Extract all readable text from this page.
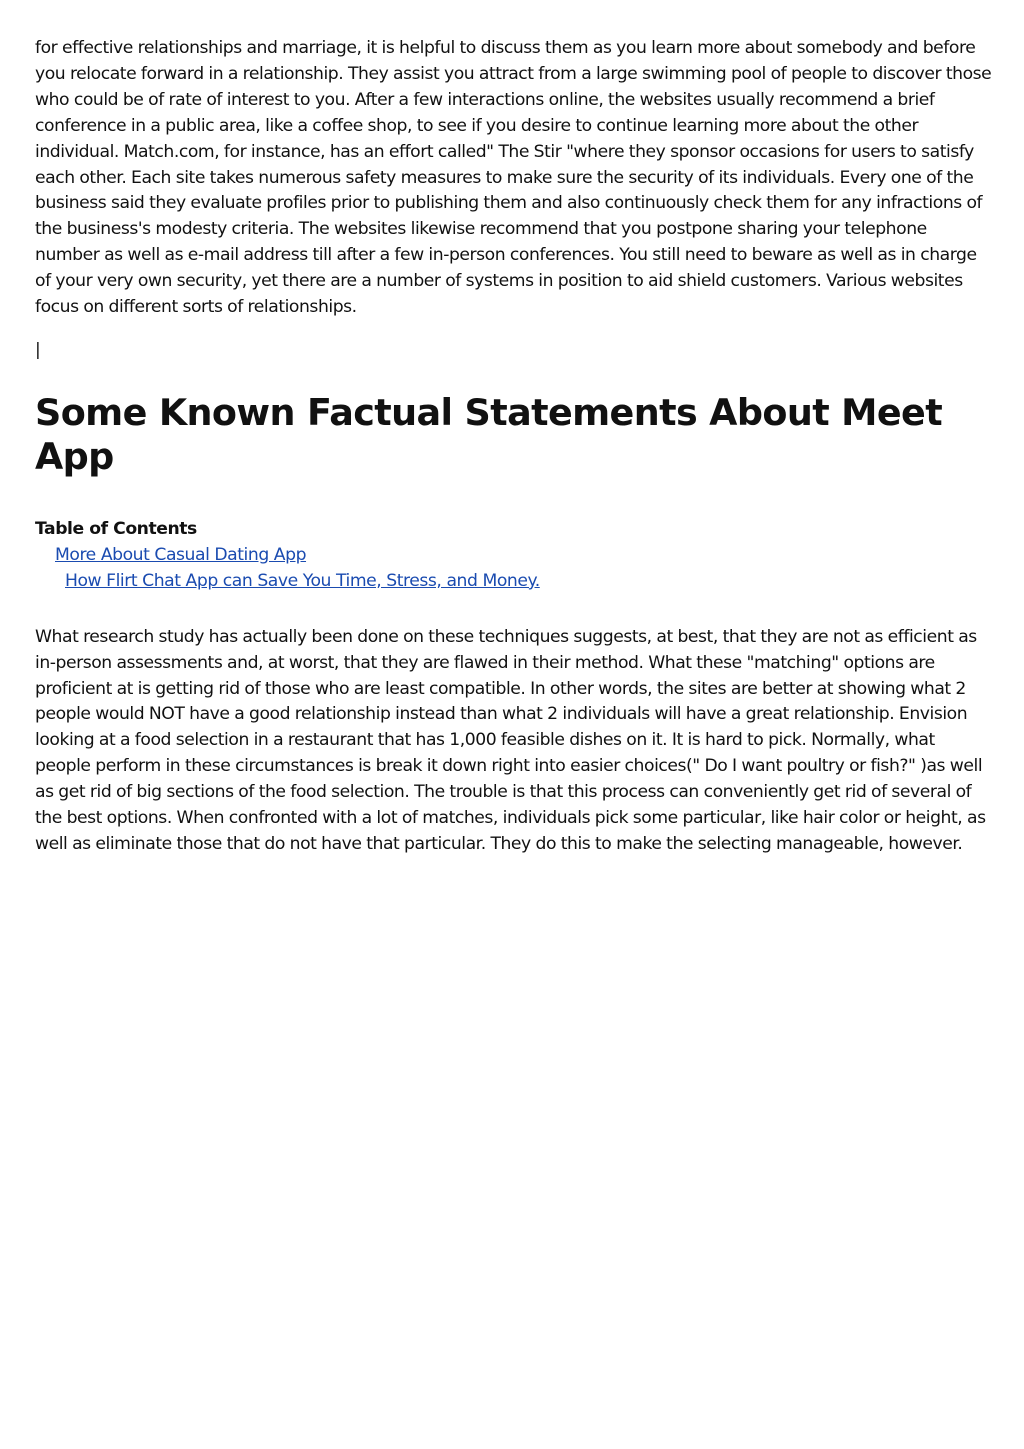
for effective relationships and marriage, it is helpful to discuss them as you learn more about somebody and before you relocate forward in a relationship. They assist you attract from a large swimming pool of people to discover those who could be of rate of interest to you. After a few interactions online, the websites usually recommend a brief conference in a public area, like a coffee shop, to see if you desire to continue learning more about the other individual. Match.com, for instance, has an effort called" The Stir "where they sponsor occasions for users to satisfy each other. Each site takes numerous safety measures to make sure the security of its individuals. Every one of the business said they evaluate profiles prior to publishing them and also continuously check them for any infractions of the business's modesty criteria. The websites likewise recommend that you postpone sharing your telephone number as well as e-mail address till after a few in-person conferences. You still need to beware as well as in charge of your very own security, yet there are a number of systems in position to aid shield customers. Various websites focus on different sorts of relationships.

|

Some Known Factual Statements About Meet App

Table of Contents

More About Casual Dating App
How Flirt Chat App can Save You Time, Stress, and Money.

What research study has actually been done on these techniques suggests, at best, that they are not as efficient as in-person assessments and, at worst, that they are flawed in their method. What these "matching" options are proficient at is getting rid of those who are least compatible. In other words, the sites are better at showing what 2 people would NOT have a good relationship instead than what 2 individuals will have a great relationship. Envision looking at a food selection in a restaurant that has 1,000 feasible dishes on it. It is hard to pick. Normally, what people perform in these circumstances is break it down right into easier choices(" Do I want poultry or fish?" )as well as get rid of big sections of the food selection. The trouble is that this process can conveniently get rid of several of the best options. When confronted with a lot of matches, individuals pick some particular, like hair color or height, as well as eliminate those that do not have that particular. They do this to make the selecting manageable, however.
